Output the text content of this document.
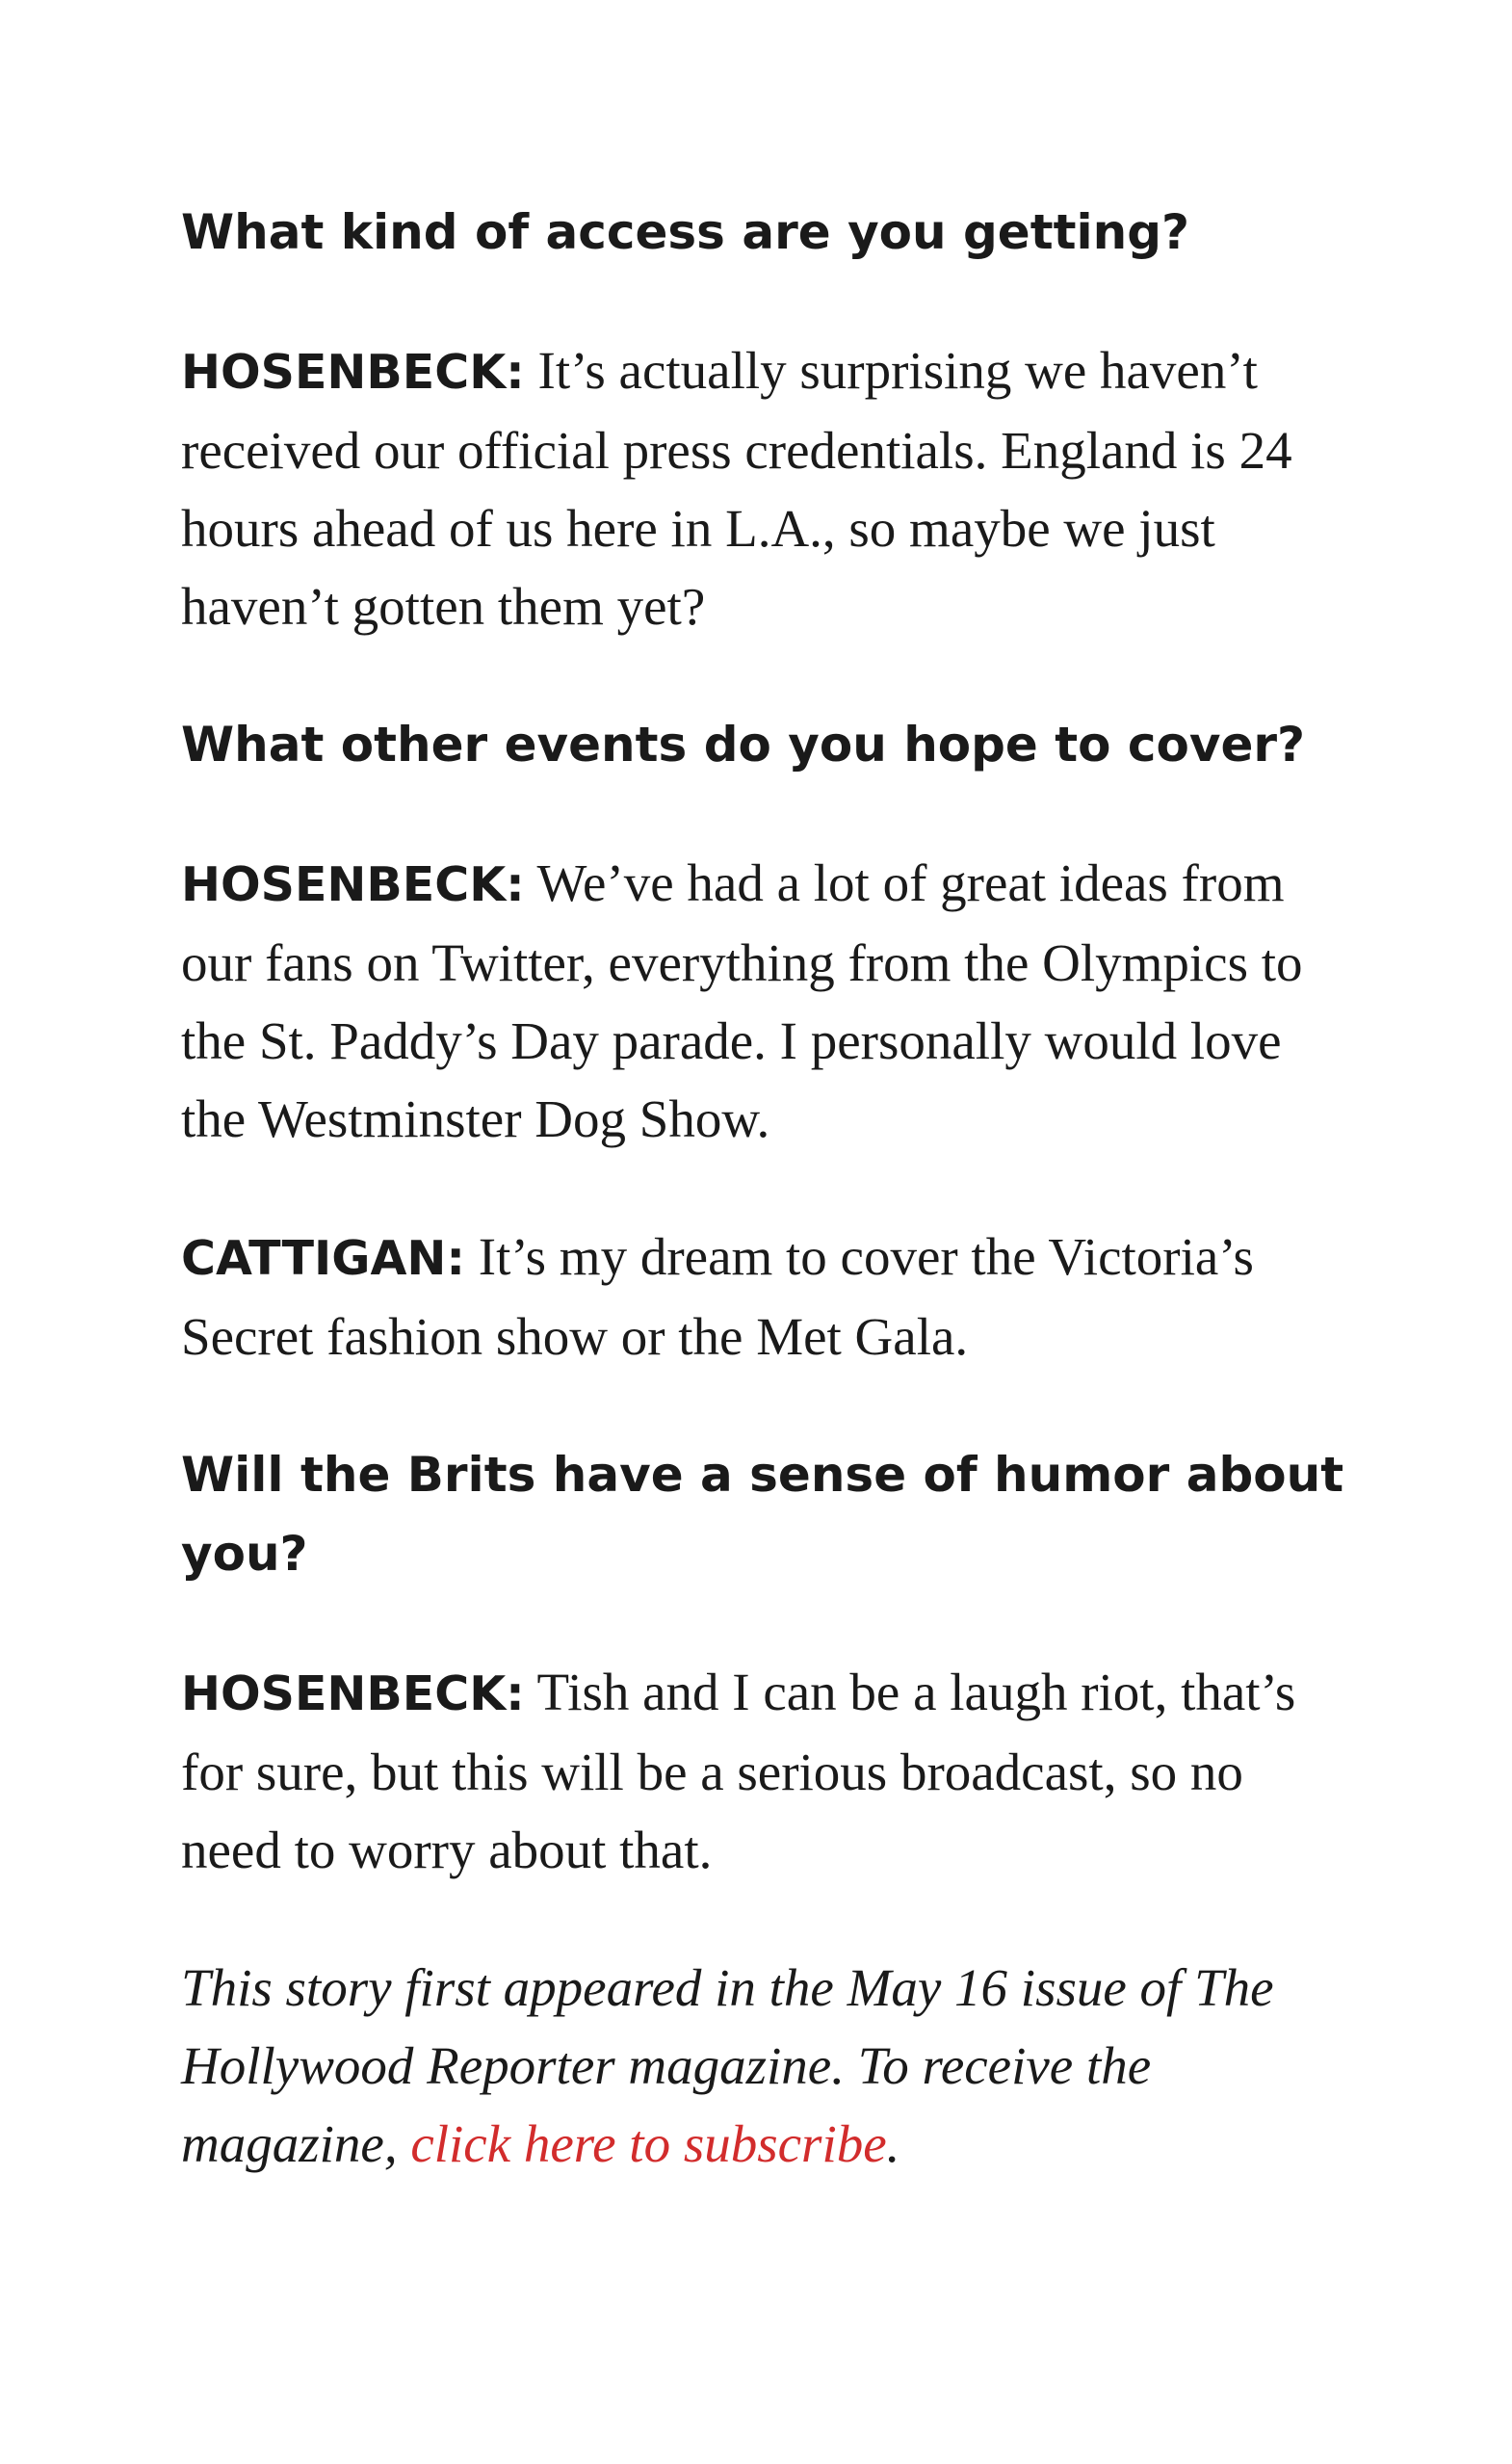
What kind of access are you getting?

HOSENBECK: It’s actually surprising we haven’t received our official press credentials. England is 24 hours ahead of us here in L.A., so maybe we just haven’t gotten them yet?

What other events do you hope to cover?

HOSENBECK: We’ve had a lot of great ideas from our fans on Twitter, everything from the Olympics to the St. Paddy’s Day parade. I personally would love the Westminster Dog Show.

CATTIGAN: It’s my dream to cover the Victoria’s Secret fashion show or the Met Gala.

Will the Brits have a sense of humor about you?

HOSENBECK: Tish and I can be a laugh riot, that’s for sure, but this will be a serious broadcast, so no need to worry about that.

This story first appeared in the May 16 issue of The Hollywood Reporter magazine. To receive the magazine, click here to subscribe.
